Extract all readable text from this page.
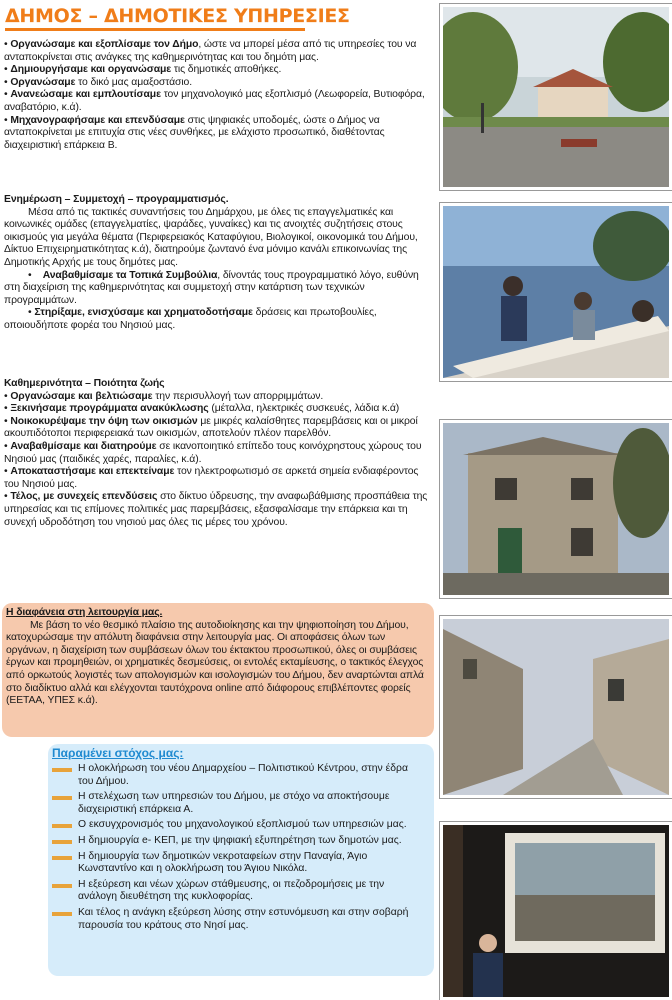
ΔΗΜΟΣ – ΔΗΜΟΤΙΚΕΣ ΥΠΗΡΕΣΙΕΣ

• Οργανώσαμε και εξοπλίσαμε τον Δήμο, ώστε να μπορεί μέσα από τις υπηρεσίες του να ανταποκρίνεται στις ανάγκες της καθημερινότητας και του δημότη μας.

• Δημιουργήσαμε και οργανώσαμε τις δημοτικές αποθήκες.

• Οργανώσαμε το δικό μας αμαξοστάσιο.

• Ανανεώσαμε και εμπλουτίσαμε τον μηχανολογικό μας εξοπλισμό (Λεωφορεία, Βυτιοφόρα, αναβατόριο, κ.ά).

• Μηχανογραφήσαμε και επενδύσαμε στις ψηφιακές υποδομές, ώστε ο Δήμος να ανταποκρίνεται με επιτυχία στις νέες συνθήκες, με ελάχιστο προσωπικό, διαθέτοντας διαχειριστική επάρκεια Β.

Ενημέρωση – Συμμετοχή – προγραμματισμός.

Μέσα από τις τακτικές συναντήσεις του Δημάρχου, με όλες τις επαγγελματικές και κοινωνικές ομάδες (επαγγελματίες, ψαράδες, γυναίκες) και τις ανοιχτές συζητήσεις στους οικισμούς για μεγάλα θέματα (Περιφερειακός Καταφύγιου, Βιολογικοί, οικονομικά του Δήμου, Δίκτυο Επιχειρηματικότητας κ.ά), διατηρούμε ζωντανό ένα μόνιμο κανάλι επικοινωνίας της Δημοτικής Αρχής με τους δημότες μας.

•    Αναβαθμίσαμε τα Τοπικά Συμβούλια, δίνοντάς τους προγραμματικό λόγο, ευθύνη στη διαχείριση της καθημερινότητας και συμμετοχή στην κατάρτιση των τεχνικών προγραμμάτων.

• Στηρίξαμε, ενισχύσαμε και χρηματοδοτήσαμε δράσεις και πρωτοβουλίες, οποιουδήποτε φορέα του Νησιού μας.

Καθημερινότητα – Ποιότητα ζωής

• Οργανώσαμε και βελτιώσαμε την περισυλλογή των απορριμμάτων.

• Ξεκινήσαμε προγράμματα ανακύκλωσης (μέταλλα, ηλεκτρικές συσκευές, λάδια κ.ά)

• Νοικοκυρέψαμε την όψη των οικισμών με μικρές καλαίσθητες παρεμβάσεις και οι μικροί ακουπιδότοποι περιφερειακά των οικισμών, αποτελούν πλέον παρελθόν.

• Αναβαθμίσαμε και διατηρούμε σε ικανοποιητικό επίπεδο τους κοινόχρηστους χώρους του Νησιού μας (παιδικές χαρές, παραλίες, κ.ά).

• Αποκαταστήσαμε και επεκτείναμε τον ηλεκτροφωτισμό σε αρκετά σημεία ενδιαφέροντος του Νησιού μας.

• Τέλος, με συνεχείς επενδύσεις στο δίκτυο ύδρευσης, την αναφωβάθμισης προσπάθεια της υπηρεσίας και τις επίμονες πολιτικές μας παρεμβάσεις, εξασφαλίσαμε την επάρκεια και τη συνεχή υδροδότηση του νησιού μας όλες τις μέρες του χρόνου.

Η διαφάνεια στη λειτουργία μας.

Με βάση το νέο θεσμικό πλαίσιο της αυτοδιοίκησης και την ψηφιοποίηση του Δήμου, κατοχυρώσαμε την απόλυτη διαφάνεια στην λειτουργία μας. Οι αποφάσεις όλων των οργάνων, η διαχείριση των συμβάσεων όλων του έκτακτου προσωπικού, όλες οι συμβάσεις έργων και προμηθειών, οι χρηματικές δεσμεύσεις, οι εντολές εκταμίευσης, ο τακτικός έλεγχος από ορκωτούς λογιστές των απολογισμών και ισολογισμών του Δήμου, δεν αναρτώνται απλά στο διαδίκτυο αλλά και ελέγχονται ταυτόχρονα online από διάφορους επιβλέποντες φορείς (ΕΕΤΑΑ, ΥΠΕΣ κ.ά).

Παραμένει στόχος μας:
Η ολοκλήρωση του νέου Δημαρχείου – Πολιτιστικού Κέντρου, στην έδρα του Δήμου.
Η στελέχωση των υπηρεσιών του Δήμου, με στόχο να αποκτήσουμε διαχειριστική επάρκεια Α.
Ο εκσυγχρονισμός του μηχανολογικού εξοπλισμού των υπηρεσιών μας.
Η δημιουργία e- ΚΕΠ, με την ψηφιακή εξυπηρέτηση των δημοτών μας.
Η δημιουργία των δημοτικών νεκροταφείων στην Παναγία, Άγιο Κωνσταντίνο και η ολοκλήρωση του Άγιου Νικόλα.
Η εξεύρεση και νέων χώρων στάθμευσης, οι πεζοδρομήσεις με την ανάλογη διευθέτηση της κυκλοφορίας.
Και τέλος η ανάγκη εξεύρεση λύσης στην εστυνόμευση και στην σοβαρή παρουσία του κράτους στο Νησί μας.
